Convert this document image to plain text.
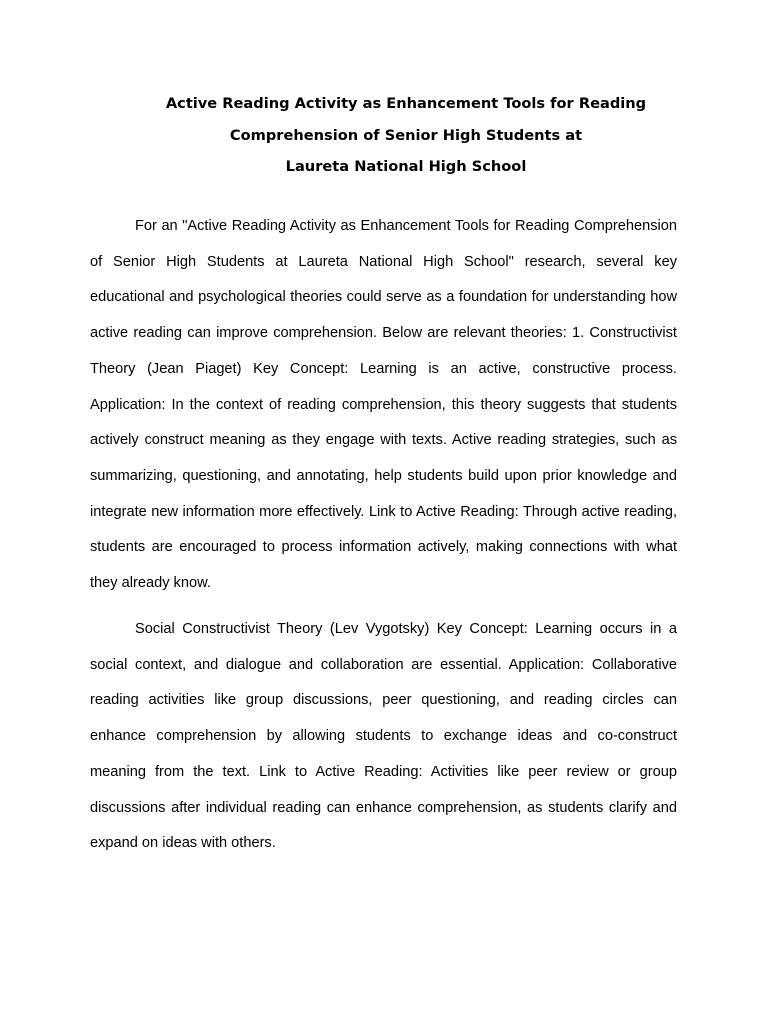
Active Reading Activity as Enhancement Tools for Reading
Comprehension of Senior High Students at
Laureta National High School

For an "Active Reading Activity as Enhancement Tools for Reading Comprehension of Senior High Students at Laureta National High School" research, several key educational and psychological theories could serve as a foundation for understanding how active reading can improve comprehension. Below are relevant theories: 1. Constructivist Theory (Jean Piaget) Key Concept: Learning is an active, constructive process. Application: In the context of reading comprehension, this theory suggests that students actively construct meaning as they engage with texts. Active reading strategies, such as summarizing, questioning, and annotating, help students build upon prior knowledge and integrate new information more effectively. Link to Active Reading: Through active reading, students are encouraged to process information actively, making connections with what they already know.

Social Constructivist Theory (Lev Vygotsky) Key Concept: Learning occurs in a social context, and dialogue and collaboration are essential. Application: Collaborative reading activities like group discussions, peer questioning, and reading circles can enhance comprehension by allowing students to exchange ideas and co-construct meaning from the text. Link to Active Reading: Activities like peer review or group discussions after individual reading can enhance comprehension, as students clarify and expand on ideas with others.
